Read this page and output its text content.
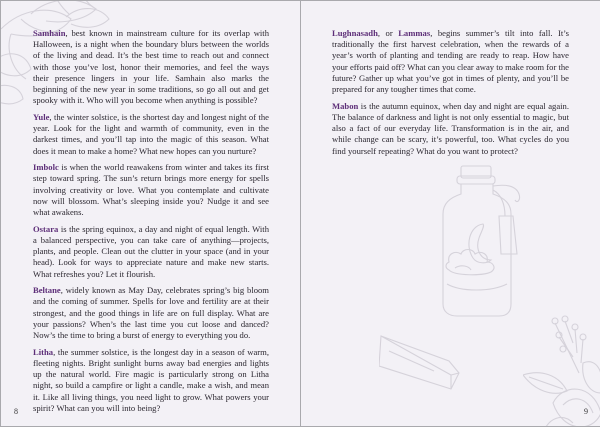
Samhain, best known in mainstream culture for its overlap with Halloween, is a night when the boundary blurs between the worlds of the living and dead. It’s the best time to reach out and connect with those you’ve lost, honor their memories, and feel the ways their presence lingers in your life. Samhain also marks the beginning of the new year in some traditions, so go all out and get spooky with it. Who will you become when anything is possible?

Yule, the winter solstice, is the shortest day and longest night of the year. Look for the light and warmth of community, even in the darkest times, and you’ll tap into the magic of this season. What does it mean to make a home? What new hopes can you nurture?

Imbolc is when the world reawakens from winter and takes its first step toward spring. The sun’s return brings more energy for spells involving creativity or love. What you contemplate and cultivate now will blossom. What’s sleeping inside you? Nudge it and see what awakens.

Ostara is the spring equinox, a day and night of equal length. With a balanced perspective, you can take care of anything—projects, plants, and people. Clean out the clutter in your space (and in your head). Look for ways to appreciate nature and make new starts. What refreshes you? Let it flourish.

Beltane, widely known as May Day, celebrates spring’s big bloom and the coming of summer. Spells for love and fertility are at their strongest, and the good things in life are on full display. What are your passions? When’s the last time you cut loose and danced? Now’s the time to bring a burst of energy to everything you do.

Litha, the summer solstice, is the longest day in a season of warm, fleeting nights. Bright sunlight burns away bad energies and lights up the natural world. Fire magic is particularly strong on Litha night, so build a campfire or light a candle, make a wish, and mean it. Like all living things, you need light to grow. What powers your spirit? What can you will into being?

8

Lughnasadh, or Lammas, begins summer’s tilt into fall. It’s traditionally the first harvest celebration, when the rewards of a year’s worth of planting and tending are ready to reap. How have your efforts paid off? What can you clear away to make room for the future? Gather up what you’ve got in times of plenty, and you’ll be prepared for any tougher times that come.

Mabon is the autumn equinox, when day and night are equal again. The balance of darkness and light is not only essential to magic, but also a fact of our everyday life. Transformation is in the air, and while change can be scary, it’s powerful, too. What cycles do you find yourself repeating? What do you want to protect?

9
